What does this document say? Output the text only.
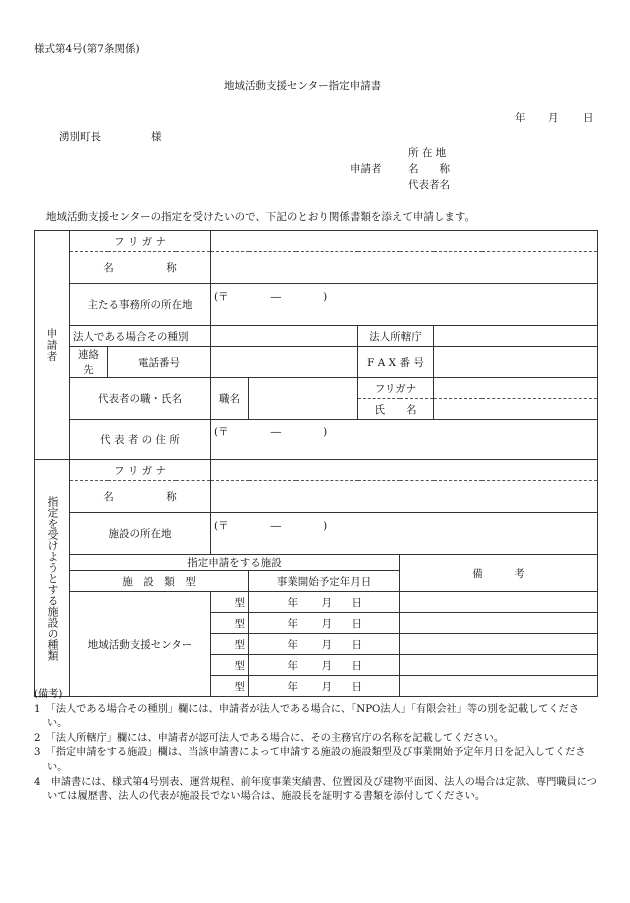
様式第4号(第7条関係)
地域活動支援センター指定申請書
年 月 日
湧別町長	様
所 在 地
申請者	名　　称
代表者名
地域活動支援センターの指定を受けたいので、下記のとおり関係書類を添えて申請します。
申請者	フ リ ガ ナ						
	名　　　　　称						
	主たる事務所の所在地		(〒　　　　―　　　　)				
	法人である場合その種別				法人所轄庁		
	連絡先	電話番号			F A X 番 号		
	代表者の職・氏名		職名		フリガナ		
					氏　　名		
	代 表 者 の 住 所		(〒　　　　―　　　　)				

指定を受けようとする施設の種類	フ リ ガ ナ						
	名　　　　　称						
	施設の所在地		(〒　　　　―　　　　)				
	指定申請をする施設					備　　　考	
	施　設　類　型			事業開始予定年月日			
	地域活動支援センター		型	年 月 日			
			型	年 月 日			
			型	年 月 日			
			型	年 月 日			
			型	年 月 日			

(備考)

1　「法人である場合その種別」欄には、申請者が法人である場合に、「NPO法人」「有限会社」等の別を記載してください。

2　「法人所轄庁」欄には、申請者が認可法人である場合に、その主務官庁の名称を記載してください。

3　「指定申請をする施設」欄は、当該申請書によって申請する施設の施設類型及び事業開始予定年月日を記入してください。

4　申請書には、様式第4号別表、運営規程、前年度事業実績書、位置図及び建物平面図、法人の場合は定款、専門職員については履歴書、法人の代表が施設長でない場合は、施設長を証明する書類を添付してください。
